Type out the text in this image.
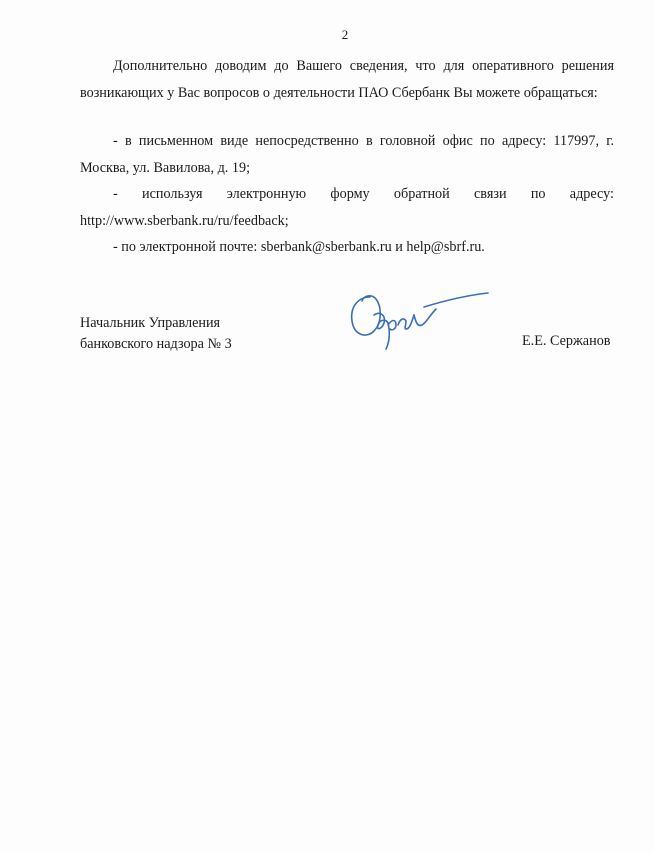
2

Дополнительно доводим до Вашего сведения, что для оперативного решения возникающих у Вас вопросов о деятельности ПАО Сбербанк Вы можете обращаться:

- в письменном виде непосредственно в головной офис по адресу: 117997, г. Москва, ул. Вавилова, д. 19;

- используя электронную форму обратной связи по адресу: http://www.sberbank.ru/ru/feedback;

- по электронной почте: sberbank@sberbank.ru и help@sbrf.ru.

Начальник Управления
банковского надзора № 3	Е.Е. Сержанов
